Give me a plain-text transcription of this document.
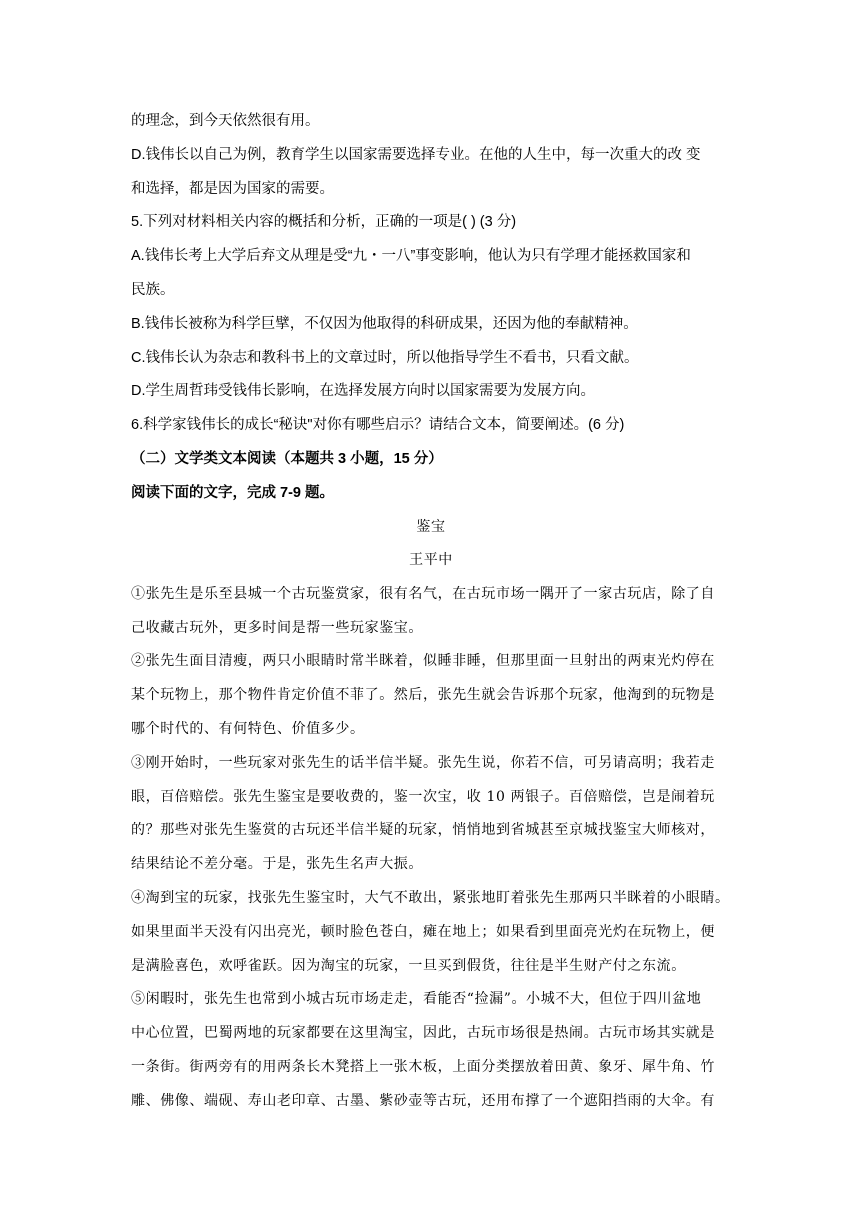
的理念，到今天依然很有用。
D.钱伟长以自己为例，教育学生以国家需要选择专业。在他的人生中，每一次重大的改 变
和选择，都是因为国家的需要。
5.下列对材料相关内容的概括和分析，正确的一项是( ) (3 分)
A.钱伟长考上大学后弃文从理是受“九・一八”事变影响，他认为只有学理才能拯救国家和
民族。
B.钱伟长被称为科学巨擘，不仅因为他取得的科研成果，还因为他的奉献精神。
C.钱伟长认为杂志和教科书上的文章过时，所以他指导学生不看书，只看文献。
D.学生周哲玮受钱伟长影响，在选择发展方向时以国家需要为发展方向。
6.科学家钱伟长的成长“秘诀"对你有哪些启示？请结合文本，简要阐述。(6 分)
（二）文学类文本阅读（本题共 3 小题，15 分）
阅读下面的文字，完成 7-9 题。
鉴宝
王平中
①张先生是乐至县城一个古玩鉴赏家，很有名气，在古玩市场一隅开了一家古玩店，除了自
己收藏古玩外，更多时间是帮一些玩家鉴宝。
②张先生面目清瘦，两只小眼睛时常半眯着，似睡非睡，但那里面一旦射出的两束光灼停在
某个玩物上，那个物件肯定价值不菲了。然后，张先生就会告诉那个玩家，他淘到的玩物是
哪个时代的、有何特色、价值多少。
③刚开始时，一些玩家对张先生的话半信半疑。张先生说，你若不信，可另请高明；我若走
眼，百倍赔偿。张先生鉴宝是要收费的，鉴一次宝，收 10 两银子。百倍赔偿，岂是闹着玩
的？那些对张先生鉴赏的古玩还半信半疑的玩家，悄悄地到省城甚至京城找鉴宝大师核对，
结果结论不差分毫。于是，张先生名声大振。
④淘到宝的玩家，找张先生鉴宝时，大气不敢出，紧张地盯着张先生那两只半眯着的小眼睛。
如果里面半天没有闪出亮光，顿时脸色苍白，瘫在地上；如果看到里面亮光灼在玩物上，便
是满脸喜色，欢呼雀跃。因为淘宝的玩家，一旦买到假货，往往是半生财产付之东流。
⑤闲暇时，张先生也常到小城古玩市场走走，看能否“捡漏”。小城不大，但位于四川盆地
中心位置，巴蜀两地的玩家都要在这里淘宝，因此，古玩市场很是热闹。古玩市场其实就是
一条街。街两旁有的用两条长木凳搭上一张木板，上面分类摆放着田黄、象牙、犀牛角、竹
雕、佛像、端砚、寿山老印章、古墨、紫砂壶等古玩，还用布撑了一个遮阳挡雨的大伞。有
